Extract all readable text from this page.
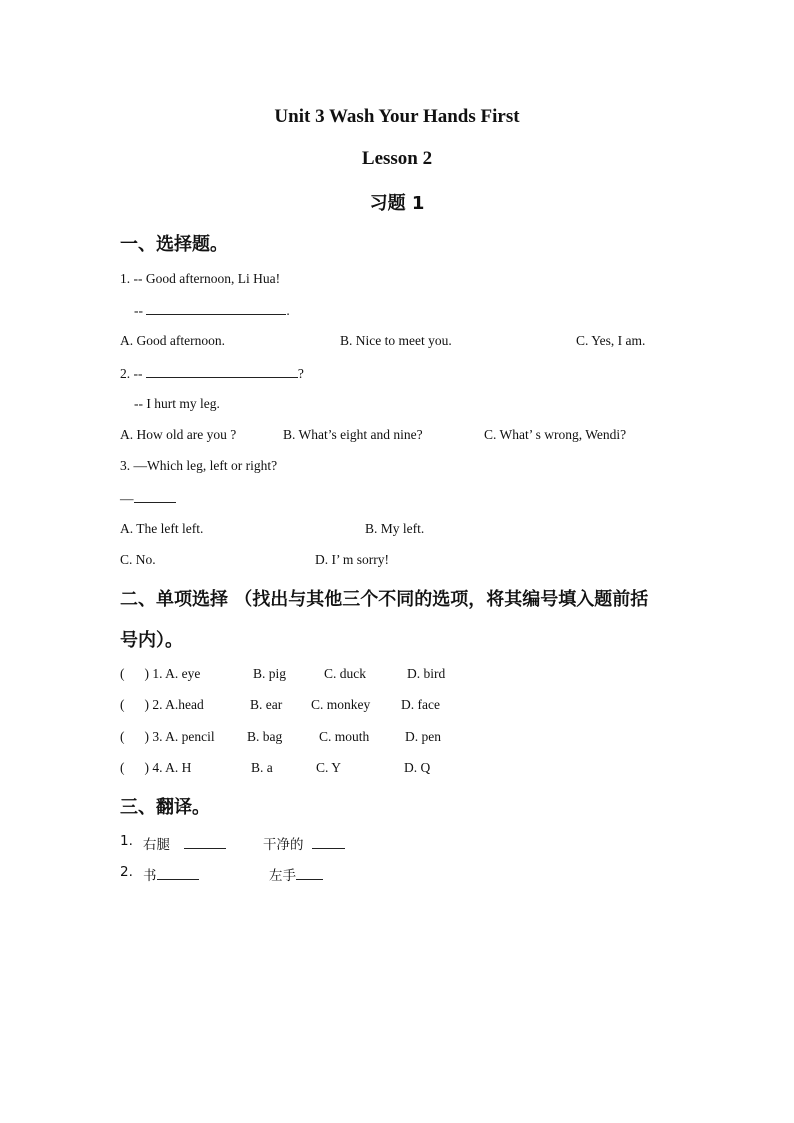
Unit 3 Wash Your Hands First
Lesson 2
习题 1
一、选择题。
1. -- Good afternoon, Li Hua!
--	.
A. Good afternoon.	B. Nice to meet you.	C. Yes, I am.
2. --	?
-- I hurt my leg.
A. How old are you ?	B. What’s eight and nine?	C. What’ s wrong, Wendi?
3. —Which leg, left or right?
—
A. The left left.	B. My left.
C. No.	D. I’ m sorry!
二、单项选择 （找出与其他三个不同的选项，将其编号填入题前括
号内）。
( ) 1. A. eye	B. pig	C. duck	D. bird
( ) 2. A.head	B. ear C. monkey D. face
( ) 3. A. pencil B. bag	C. mouth	D. pen
( ) 4. A. H	B. a	C. Y	D. Q
三、翻译。
1. 右腿	干净的
2. 书	左手
